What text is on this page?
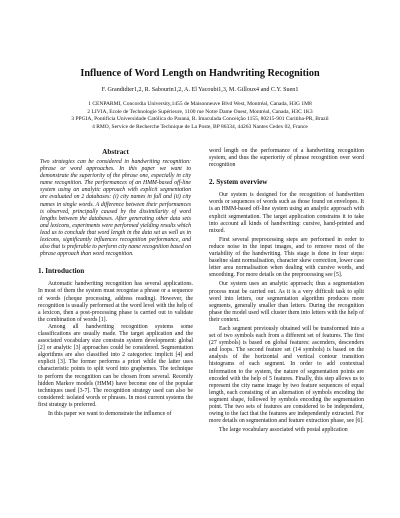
Influence of Word Length on Handwriting Recognition
F. Grandidier1,2, R. Sabourin1,2, A. El Yacoubi1,3, M. Gilloux4 and C.Y. Suen1
1 CENPARMI, Concordia University,1455 de Maisonneuve Blvd West, Montréal, Canada, H3G 1M8
2 LIVIA, Ecole de Technologie Supérieure, 1100 rue Notre Dame Ouest, Montréal, Canada, H3C 1K3
3 PPGIA, Pontificia Universidade Católica do Paraná, R. Imaculada Conceição 1155, 80215-901 Curitiba-PR, Brazil
4 RMO, Service de Recherche Technique de La Poste, BP 86334, 44263 Nantes Cedex 02, France
Abstract
Two strategies can be considered in handwriting recognition: phrase or word approaches. In this paper we want to demonstrate the superiority of the phrase one, especially in city name recognition. The performances of an HMM-based off-line system using an analytic approach with explicit segmentation are evaluated on 2 databases: (i) city names in full and (ii) city names in single words. A difference between their performances is observed, principally caused by the dissimilarity of word lengths between the databases. After generating other data sets and lexicons, experiments were performed yielding results which lead us to conclude that word length in the data set as well as in lexicons, significantly influences recognition performance, and also that is preferable to perform city name recognition based on phrase approach than word recognition.
1. Introduction

Automatic handwriting recognition has several applications. In most of them the system must recognise a phrase or a sequence of words (cheque processing, address reading). However, the recognition is usually performed at the word level with the help of a lexicon, then a post-processing phase is carried out to validate the combination of words [1].

Among all handwriting recognition systems some classifications are usually made. The target application and the associated vocabulary size constrain system development: global [2] or analytic [3] approaches could be considered. Segmentation algorithms are also classified into 2 categories: implicit [4] and explicit [3]. The former performs a priori while the latter uses characteristic points to split word into graphemes. The technique to perform the recognition can be chosen from several. Recently hidden Markov models (HMM) have become one of the popular techniques used [3-7]. The recognition strategy used can also be considered: isolated words or phrases. In most current systems the first strategy is preferred.

In this paper we want to demonstrate the influence of

word length on the performance of a handwriting recognition system, and thus the superiority of phrase recognition over word recognition

2. System overview

Our system is designed for the recognition of handwritten words or sequences of words such as those found on envelopes. It is an HMM-based off-line system using an analytic approach with explicit segmentation. The target application constrains it to take into account all kinds of handwriting: cursive, hand-printed and mixed.

First several preprocessing steps are performed in order to reduce noise in the input images, and to remove most of the variability of the handwriting. This stage is done in four steps: baseline slant normalisation, character skew correction, lower case letter area normalisation when dealing with cursive words, and smoothing. For more details on the preprocessing see [5].

Our system uses an analytic approach; thus a segmentation process must be carried out. As it is a very difficult task to split word into letters, our segmentation algorithm produces more segments, generally smaller than letters. During the recognition phase the model used will cluster them into letters with the help of their context.

Each segment previously obtained will be transformed into a set of two symbols each from a different set of features. The first (27 symbols) is based on global features: ascenders, descenders and loops. The second feature set (14 symbols) is based on the analysis of the horizontal and vertical contour transition histograms of each segment. In order to add contextual information to the system, the nature of segmentation points are encoded with the help of 5 features. Finally, this step allows us to represent the city name image by two feature sequences of equal length, each consisting of an alternation of symbols encoding the segment shape, followed by symbols encoding the segmentation point. The two sets of features are considered to be independent, owing to the fact that the features are independently extracted. For more details on segmentation and feature extraction phase, see [6].

The large vocabulary associated with postal application
